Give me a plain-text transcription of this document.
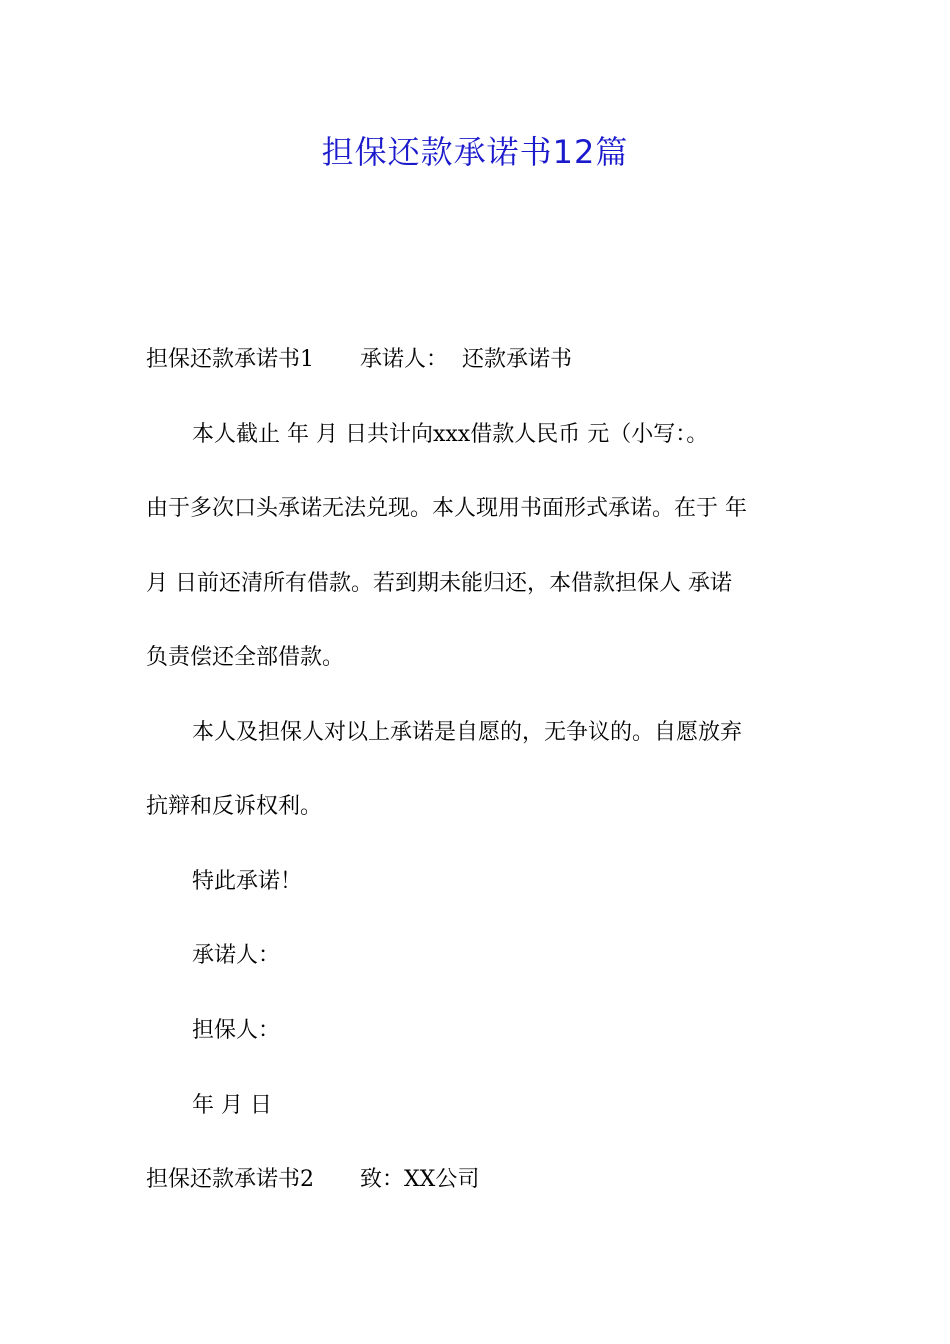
担保还款承诺书12篇

担保还款承诺书1 承诺人： 还款承诺书

本人截止 年 月 日共计向xxx借款人民币 元（小写：。

由于多次口头承诺无法兑现。本人现用书面形式承诺。在于 年

月 日前还清所有借款。若到期未能归还，本借款担保人 承诺

负责偿还全部借款。

本人及担保人对以上承诺是自愿的，无争议的。自愿放弃

抗辩和反诉权利。

特此承诺！

承诺人：

担保人：

年 月 日

担保还款承诺书2 致：XX公司
